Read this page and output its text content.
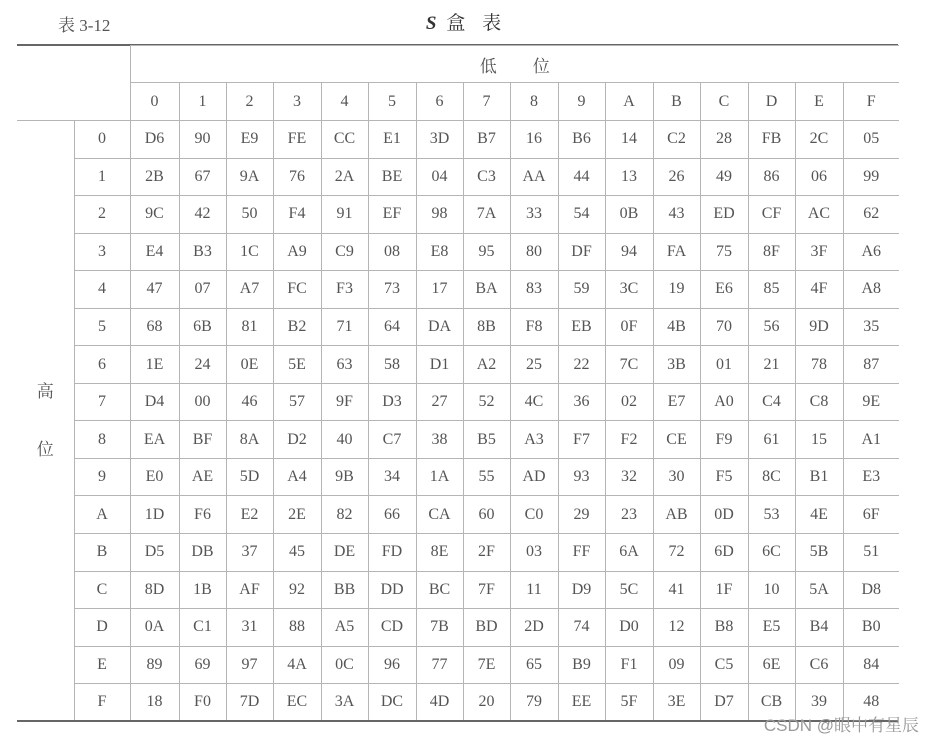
表 3-12	S 盒 表
		低位															
		0	1	2	3	4	5	6	7	8	9	A	B	C	D	E	F

高
位	0	D6	90	E9	FE	CC	E1	3D	B7	16	B6	14	C2	28	FB	2C	05
	1	2B	67	9A	76	2A	BE	04	C3	AA	44	13	26	49	86	06	99
	2	9C	42	50	F4	91	EF	98	7A	33	54	0B	43	ED	CF	AC	62
	3	E4	B3	1C	A9	C9	08	E8	95	80	DF	94	FA	75	8F	3F	A6
	4	47	07	A7	FC	F3	73	17	BA	83	59	3C	19	E6	85	4F	A8
	5	68	6B	81	B2	71	64	DA	8B	F8	EB	0F	4B	70	56	9D	35
	6	1E	24	0E	5E	63	58	D1	A2	25	22	7C	3B	01	21	78	87
	7	D4	00	46	57	9F	D3	27	52	4C	36	02	E7	A0	C4	C8	9E
	8	EA	BF	8A	D2	40	C7	38	B5	A3	F7	F2	CE	F9	61	15	A1
	9	E0	AE	5D	A4	9B	34	1A	55	AD	93	32	30	F5	8C	B1	E3
	A	1D	F6	E2	2E	82	66	CA	60	C0	29	23	AB	0D	53	4E	6F
	B	D5	DB	37	45	DE	FD	8E	2F	03	FF	6A	72	6D	6C	5B	51
	C	8D	1B	AF	92	BB	DD	BC	7F	11	D9	5C	41	1F	10	5A	D8
	D	0A	C1	31	88	A5	CD	7B	BD	2D	74	D0	12	B8	E5	B4	B0
	E	89	69	97	4A	0C	96	77	7E	65	B9	F1	09	C5	6E	C6	84
	F	18	F0	7D	EC	3A	DC	4D	20	79	EE	5F	3E	D7	CB	39	48
CSDN @眼中有星辰
